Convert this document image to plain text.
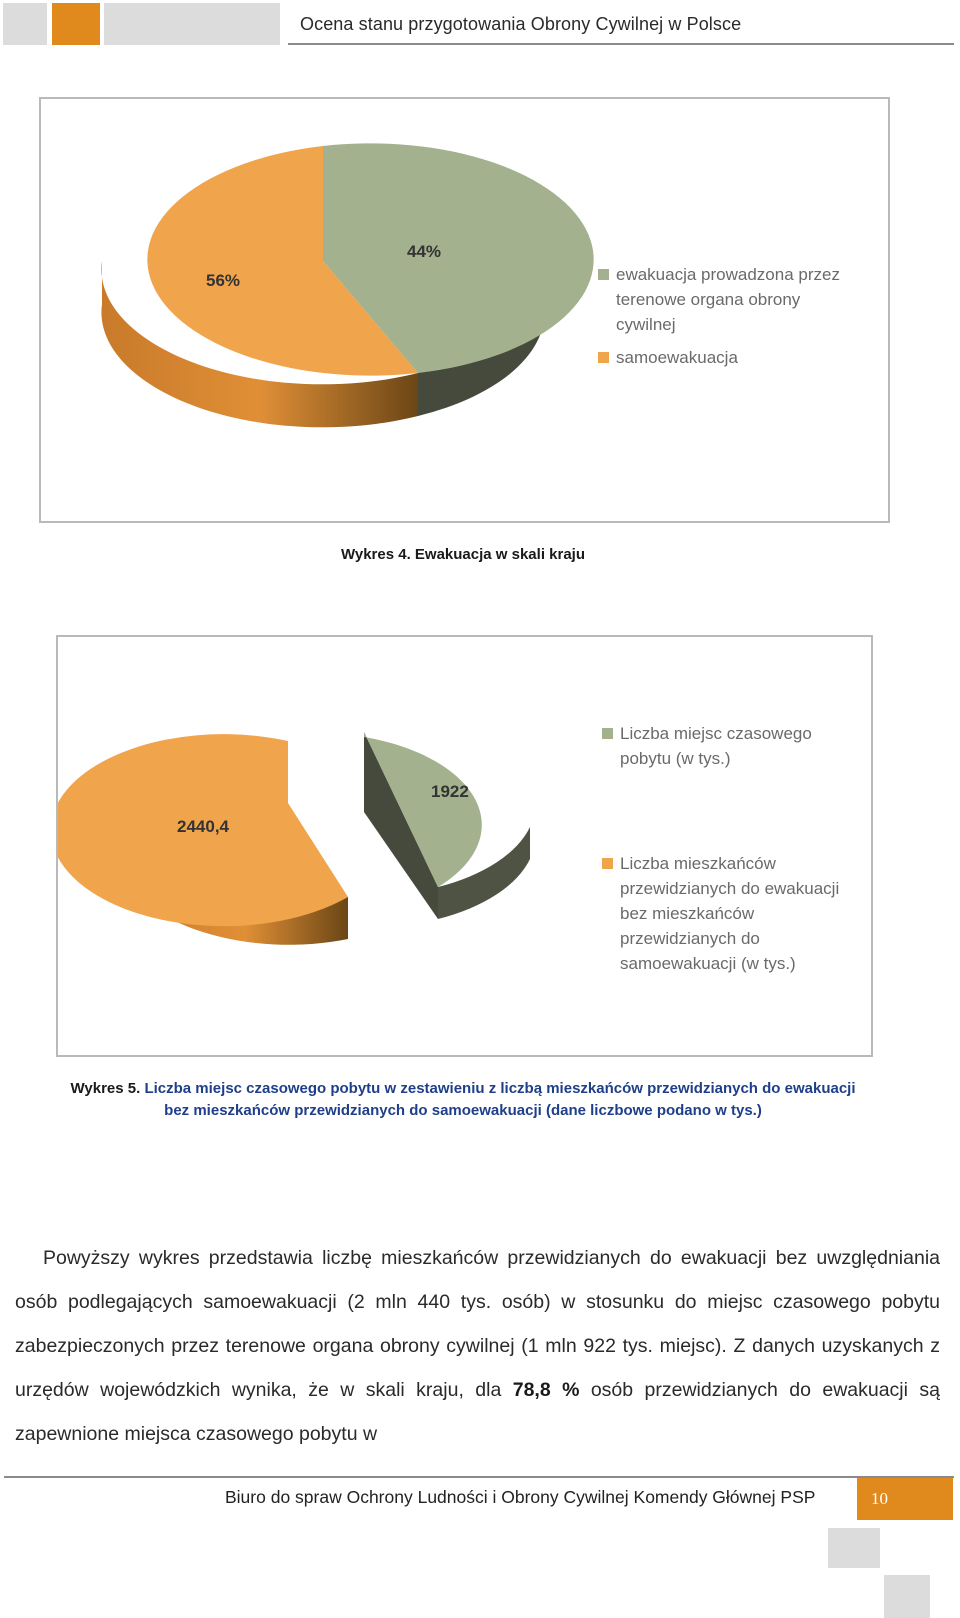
Ocena stanu przygotowania Obrony Cywilnej w Polsce
44%
56%	ewakuacja prowadzona przez
terenowe organa obrony
cywilnej
samoewakuacja
Wykres 4. Ewakuacja w skali kraju
1922
2440,4
Liczba miejsc czasowego
pobytu (w tys.)
Liczba mieszkańców
przewidzianych do ewakuacji
bez mieszkańców
przewidzianych do
samoewakuacji (w tys.)
Wykres 5. Liczba miejsc czasowego pobytu w zestawieniu z liczbą mieszkańców przewidzianych do ewakuacji
bez mieszkańców przewidzianych do samoewakuacji (dane liczbowe podano w tys.)
Powyższy wykres przedstawia liczbę mieszkańców przewidzianych do ewakuacji bez uwzględniania osób podlegających samoewakuacji (2 mln 440 tys. osób) w stosunku do miejsc czasowego pobytu zabezpieczonych przez terenowe organa obrony cywilnej (1 mln 922 tys. miejsc). Z danych uzyskanych z urzędów wojewódzkich wynika, że w skali kraju, dla 78,8 % osób przewidzianych do ewakuacji są zapewnione miejsca czasowego pobytu w
Biuro do spraw Ochrony Ludności i Obrony Cywilnej Komendy Głównej PSP	10
